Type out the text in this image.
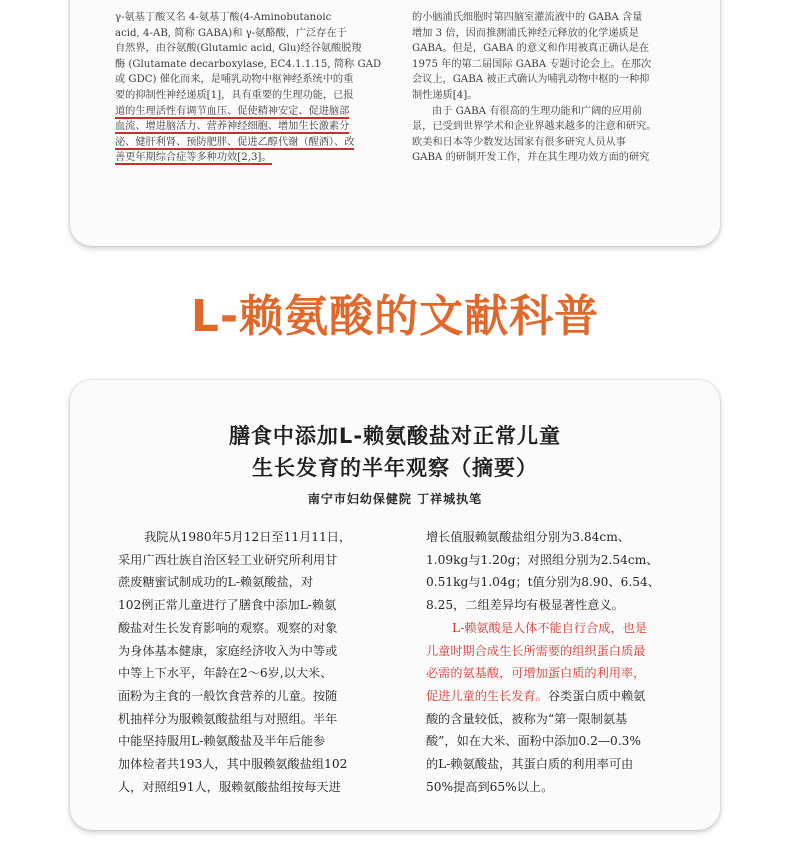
γ-氨基丁酸又名 4-氨基丁酸(4-Aminobutanoic
acid, 4-AB, 简称 GABA)和 γ-氨酪酸，广泛存在于
自然界，由谷氨酸(Glutamic acid, Glu)经谷氨酸脱羧
酶 (Glutamate decarboxylase, EC4.1.1.15, 简称 GAD
或 GDC) 催化而来，是哺乳动物中枢神经系统中的重
要的抑制性神经递质[1]，具有重要的生理功能，已报
道的生理活性有调节血压、促使精神安定、促进脑部
血流、增进脑活力、营养神经细胞、增加生长激素分
泌、健肝利肾、预防肥胖、促进乙醇代谢（醒酒）、改
善更年期综合症等多种功效[2,3]。
的小脑浦氏细胞时第四脑室灌流液中的 GABA 含量
增加 3 倍，因而推测浦氏神经元释放的化学递质是
GABA。但是，GABA 的意义和作用被真正确认是在
1975 年的第二届国际 GABA 专题讨论会上。在那次
会议上，GABA 被正式确认为哺乳动物中枢的一种抑
制性递质[4]。
由于 GABA 有很高的生理功能和广阔的应用前
景，已受到世界学术和企业界越来越多的注意和研究。
欧美和日本等少数发达国家有很多研究人员从事
GABA 的研制开发工作，并在其生理功效方面的研究
L-赖氨酸的文献科普
膳食中添加L-赖氨酸盐对正常儿童
生长发育的半年观察（摘要）
南宁市妇幼保健院 丁祥城执笔
我院从1980年5月12日至11月11日，
采用广西壮族自治区轻工业研究所利用甘
蔗废糖蜜试制成功的L-赖氨酸盐，对
102例正常儿童进行了膳食中添加L-赖氨
酸盐对生长发育影响的观察。观察的对象
为身体基本健康，家庭经济收入为中等或
中等上下水平，年龄在2～6岁,以大米、
面粉为主食的一般饮食营养的儿童。按随
机抽样分为服赖氨酸盐组与对照组。半年
中能坚持服用L-赖氨酸盐及半年后能参
加体检者共193人，其中服赖氨酸盐组102
人，对照组91人，服赖氨酸盐组按每天进
增长值服赖氨酸盐组分别为3.84cm、
1.09kg与1.20g；对照组分别为2.54cm、
0.51kg与1.04g；t值分别为8.90、6.54、
8.25，二组差异均有极显著性意义。
L-赖氨酸是人体不能自行合成，也是
儿童时期合成生长所需要的组织蛋白质最
必需的氨基酸，可增加蛋白质的利用率，
促进儿童的生长发育。谷类蛋白质中赖氨
酸的含量较低，被称为“第一限制氨基
酸”，如在大米、面粉中添加0.2—0.3%
的L-赖氨酸盐，其蛋白质的利用率可由
50%提高到65%以上。
